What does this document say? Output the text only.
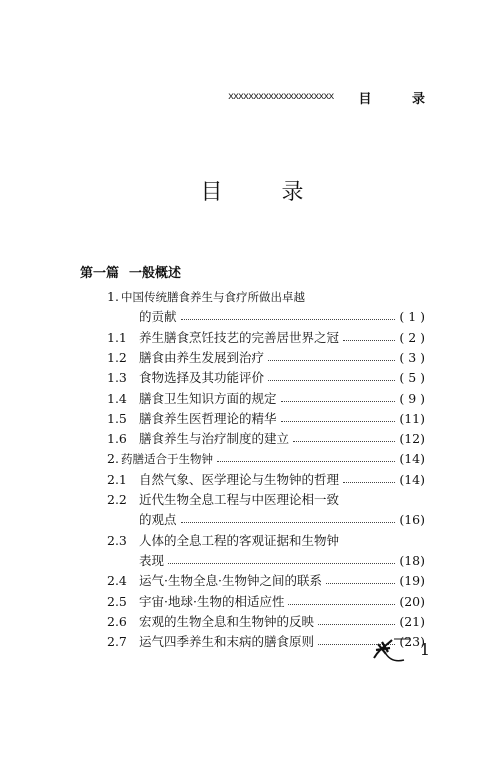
xxxxxxxxxxxxxxxxxxxxx 目 录
目 录
第一篇 一般概述
1. 中国传统膳食养生与食疗所做出卓越
的贡献	( 1 )
1.1 养生膳食烹饪技艺的完善居世界之冠	( 2 )
1.2 膳食由养生发展到治疗	( 3 )
1.3 食物选择及其功能评价	( 5 )
1.4 膳食卫生知识方面的规定	( 9 )
1.5 膳食养生医哲理论的精华	(11)
1.6 膳食养生与治疗制度的建立	(12)
2. 药膳适合于生物钟	(14)
2.1 自然气象、医学理论与生物钟的哲理	(14)
2.2 近代生物全息工程与中医理论相一致
的观点	(16)
2.3 人体的全息工程的客观证据和生物钟
表现	(18)
2.4 运气·生物全息·生物钟之间的联系	(19)
2.5 宇宙·地球·生物的相适应性	(20)
2.6 宏观的生物全息和生物钟的反映	(21)
2.7 运气四季养生和末病的膳食原则	(23)
1
